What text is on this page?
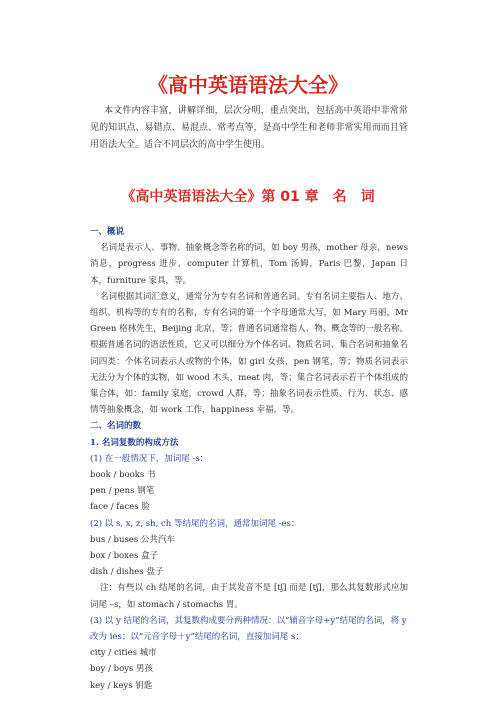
《高中英语语法大全》
本文件内容丰富，讲解详细，层次分明，重点突出，包括高中英语中非常常见的知识点、易错点、易混点、常考点等，是高中学生和老师非常实用而而且管用语法大全。适合不同层次的高中学生使用。
《高中英语语法大全》第 01 章　名　词
一、概说
名词是表示人、事物、抽象概念等名称的词，如 boy 男孩，mother 母亲，news 消息，progress 进步，computer 计算机，Tom 汤姆，Paris 巴黎，Japan 日本，furniture 家具，等。
名词根据其词汇意义，通常分为专有名词和普通名词。专有名词主要指人、地方、组织、机构等的专有的名称，专有名词的第一个字母通常大写，如 Mary 玛丽，Mr Green 格林先生，Beijing 北京，等；普通名词通常指人、物、概念等的一般名称。根据普通名词的语法性质，它又可以细分为个体名词、物质名词、集合名词和抽象名词四类：个体名词表示人或物的个体，如 girl 女孩，pen 钢笔，等；物质名词表示无法分为个体的实物，如 wood 木头，meat 肉，等；集合名词表示若干个体组成的集合体，如：family 家庭，crowd 人群，等；抽象名词表示性质、行为、状态、感情等抽象概念，如 work 工作，happiness 幸福，等。
二、名词的数
1. 名词复数的构成方法
(1) 在一般情况下，加词尾 -s：
book / books 书
pen / pens 钢笔
face / faces 脸
(2) 以 s, x, z, sh, ch 等结尾的名词，通常加词尾 -es：
bus / buses 公共汽车
box / boxes 盒子
dish / dishes 盘子
注：有些以 ch 结尾的名词，由于其发音不是 [tʃ] 而是 [tʃ]，那么其复数形式应加词尾 –s，如 stomach / stomachs 胃。
(3) 以 y 结尾的名词，其复数构成要分两种情况：以“辅音字母+y”结尾的名词，将 y 改为 ies；以“元音字母＋y”结尾的名词，直接加词尾 s：
city / cities 城市
boy / boys 男孩
key / keys 钥匙
